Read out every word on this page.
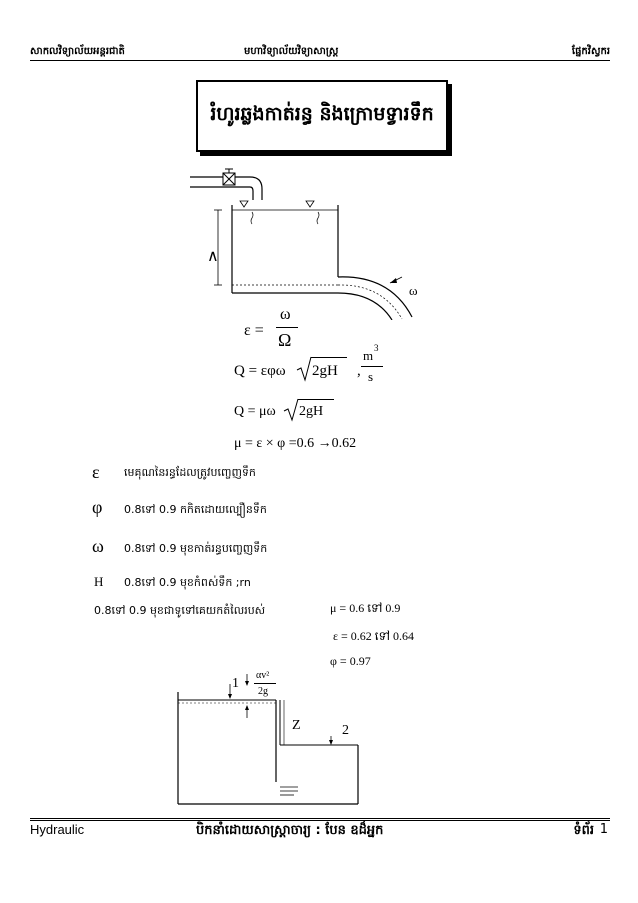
សាកលវិទ្យាល័យអន្តរជាតិ	មហាវិទ្យាល័យវិទ្យាសាស្ត្រ	ផ្នែកវិស្វករ
រំហូរឆ្លងកាត់រន្ធ និងក្រោមទ្វារទឹក
∧
ω
ε =
ω
Ω
Q = εφω 2gH ,
m 3
s
Q = μω 2gH
μ = ε × φ =0.6 →0.62
ε មេគុណនៃរន្ធដែលត្រូវបញ្ចេញទឹក
φ 0.8ទៅ 0.9 កកិតដោយល្បឿនទឹក
ω 0.8ទៅ 0.9 មុខកាត់រន្ធបញ្ចេញទឹក
H 0.8ទៅ 0.9 មុខកំពស់ទឹក ;rn
0.8ទៅ 0.9 មុខជាទូទៅគេយកតំលៃរបស់	μ = 0.6 ទៅ 0.9
ε = 0.62 ទៅ 0.64
φ = 0.97
1
αv²
2g
Z	2
Hydraulic	បិកនាំដោយសាស្ត្រាចារ្យ : បែន ឧដ៏អ្នក	ទំព័រ 1
